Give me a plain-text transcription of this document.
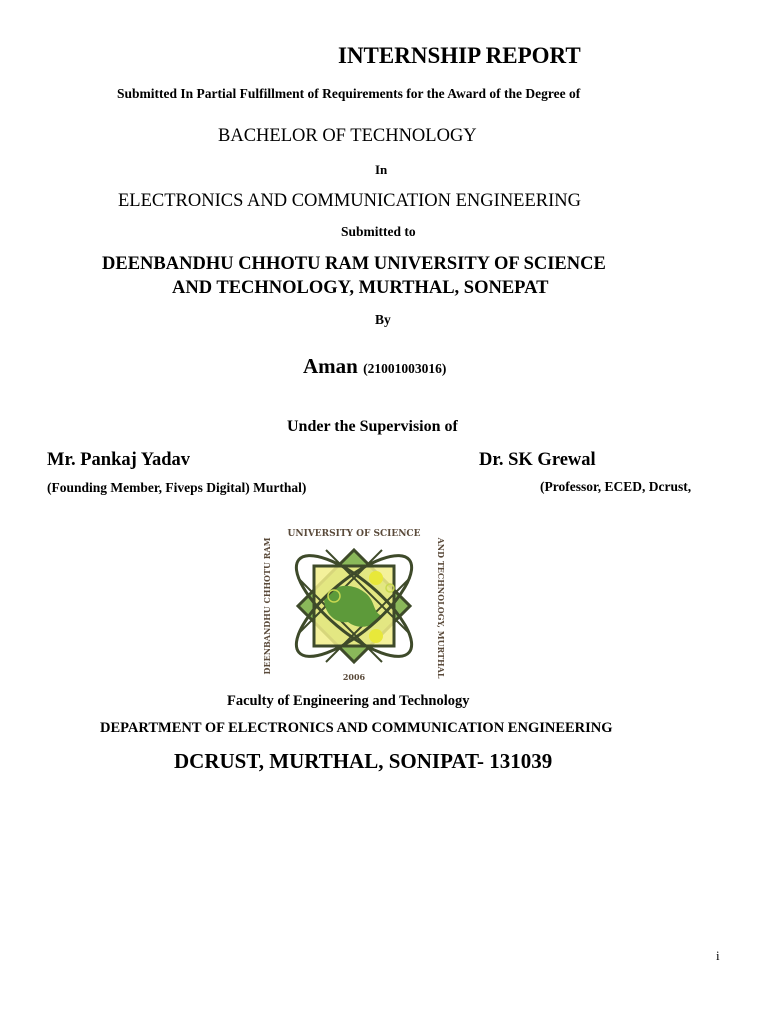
INTERNSHIP REPORT
Submitted In Partial Fulfillment of Requirements for the Award of the Degree of
BACHELOR OF TECHNOLOGY
In
ELECTRONICS AND COMMUNICATION ENGINEERING
Submitted to
DEENBANDHU CHHOTU RAM UNIVERSITY OF SCIENCE
AND TECHNOLOGY, MURTHAL, SONEPAT
By
Aman (21001003016)
Under the Supervision of
Mr. Pankaj Yadav	Dr. SK Grewal
(Founding Member, Fiveps Digital) Murthal)	(Professor, ECED, Dcrust,
UNIVERSITY OF SCIENCE
DEENBANDHU CHHOTU RAM	AND TECHNOLOGY, MURTHAL
2006
Faculty of Engineering and Technology
DEPARTMENT OF ELECTRONICS AND COMMUNICATION ENGINEERING
DCRUST, MURTHAL, SONIPAT- 131039
i
